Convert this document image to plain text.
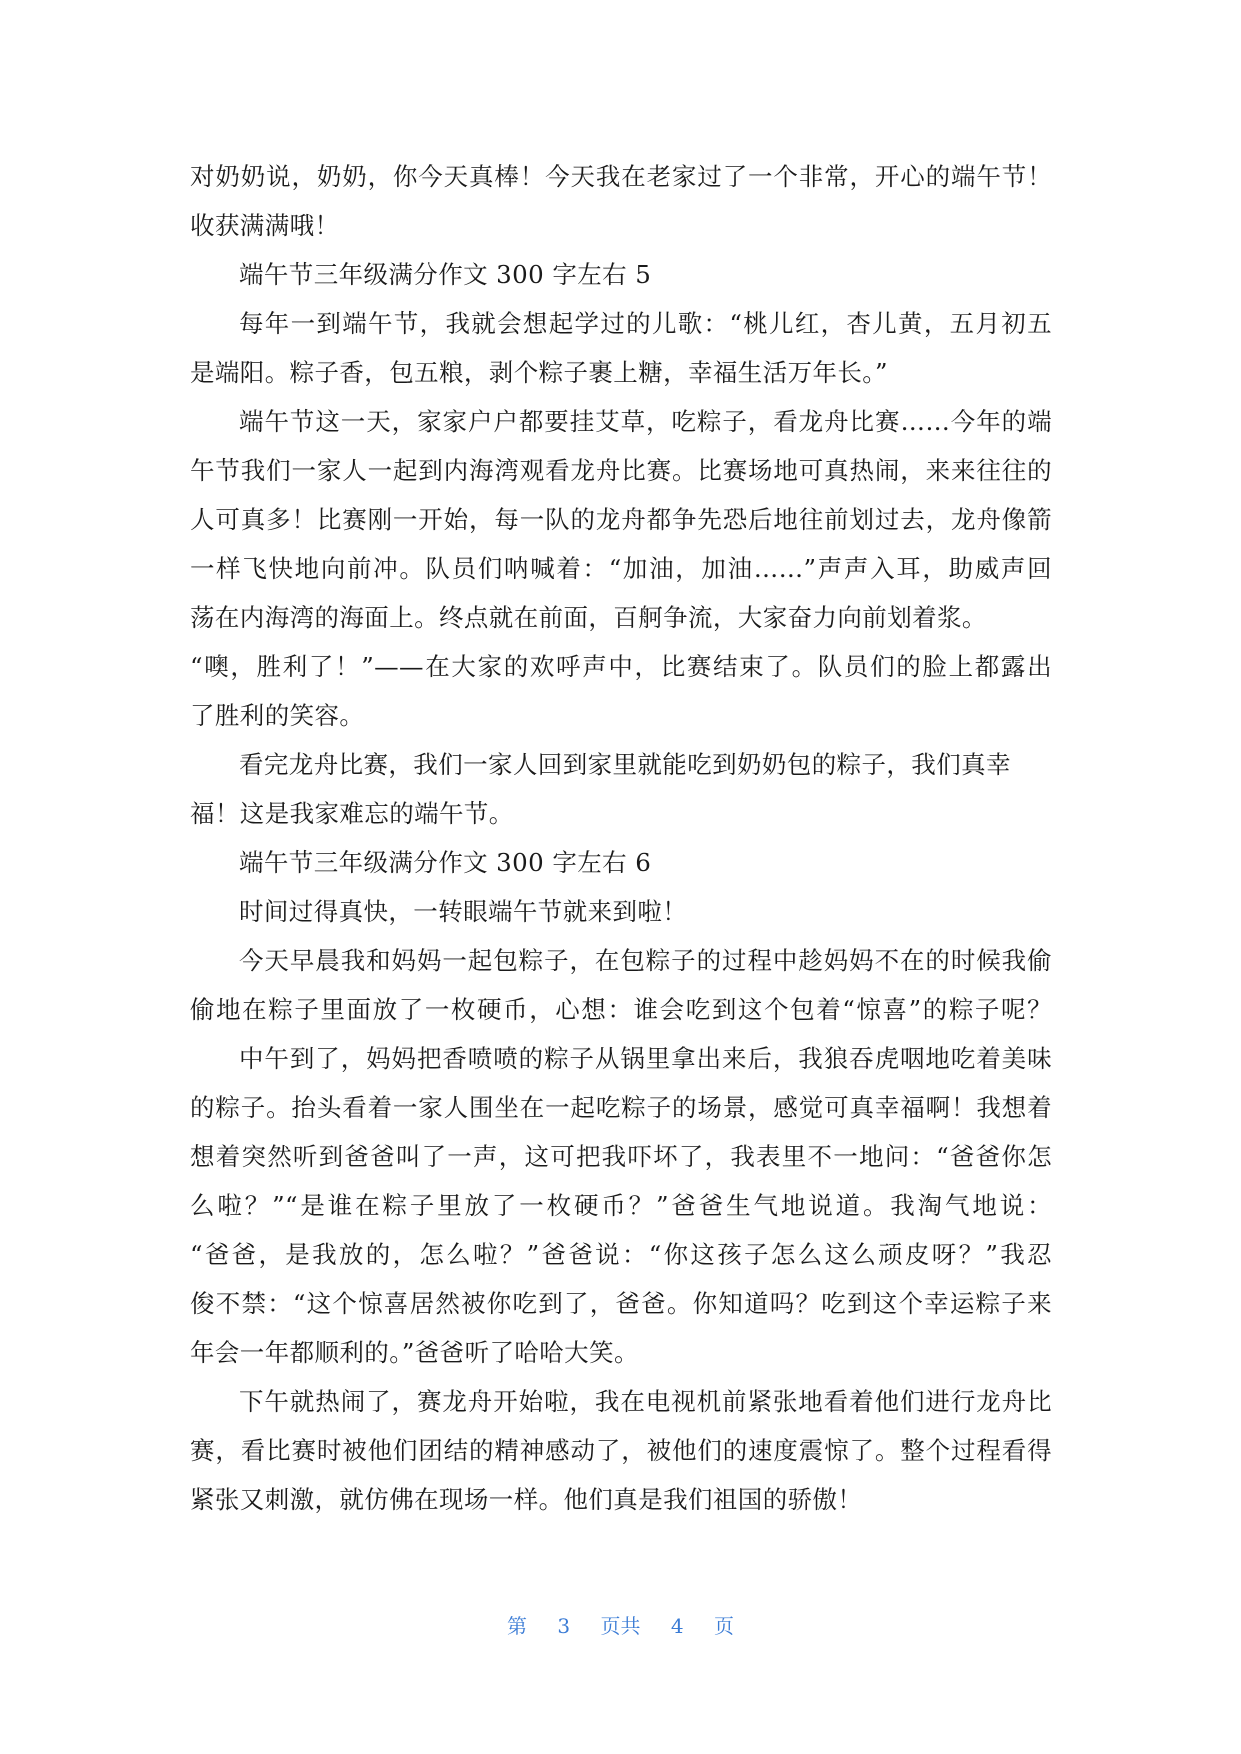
对奶奶说，奶奶，你今天真棒！今天我在老家过了一个非常，开心的端午节！
收获满满哦！
端午节三年级满分作文 300 字左右 5
每年一到端午节，我就会想起学过的儿歌：“桃儿红，杏儿黄，五月初五
是端阳。粽子香，包五粮，剥个粽子裹上糖，幸福生活万年长。”
端午节这一天，家家户户都要挂艾草，吃粽子，看龙舟比赛……今年的端
午节我们一家人一起到内海湾观看龙舟比赛。比赛场地可真热闹，来来往往的
人可真多！比赛刚一开始，每一队的龙舟都争先恐后地往前划过去，龙舟像箭
一样飞快地向前冲。队员们呐喊着：“加油，加油……”声声入耳，助威声回
荡在内海湾的海面上。终点就在前面，百舸争流，大家奋力向前划着浆。
“噢，胜利了！”——在大家的欢呼声中，比赛结束了。队员们的脸上都露出
了胜利的笑容。
看完龙舟比赛，我们一家人回到家里就能吃到奶奶包的粽子，我们真幸
福！这是我家难忘的端午节。
端午节三年级满分作文 300 字左右 6
时间过得真快，一转眼端午节就来到啦！
今天早晨我和妈妈一起包粽子，在包粽子的过程中趁妈妈不在的时候我偷
偷地在粽子里面放了一枚硬币，心想：谁会吃到这个包着“惊喜”的粽子呢？
中午到了，妈妈把香喷喷的粽子从锅里拿出来后，我狼吞虎咽地吃着美味
的粽子。抬头看着一家人围坐在一起吃粽子的场景，感觉可真幸福啊！我想着
想着突然听到爸爸叫了一声，这可把我吓坏了，我表里不一地问：“爸爸你怎
么啦？”“是谁在粽子里放了一枚硬币？”爸爸生气地说道。我淘气地说：
“爸爸，是我放的，怎么啦？”爸爸说：“你这孩子怎么这么顽皮呀？”我忍
俊不禁：“这个惊喜居然被你吃到了，爸爸。你知道吗？吃到这个幸运粽子来
年会一年都顺利的。”爸爸听了哈哈大笑。
下午就热闹了，赛龙舟开始啦，我在电视机前紧张地看着他们进行龙舟比
赛，看比赛时被他们团结的精神感动了，被他们的速度震惊了。整个过程看得
紧张又刺激，就仿佛在现场一样。他们真是我们祖国的骄傲！
第 3 页共 4 页
